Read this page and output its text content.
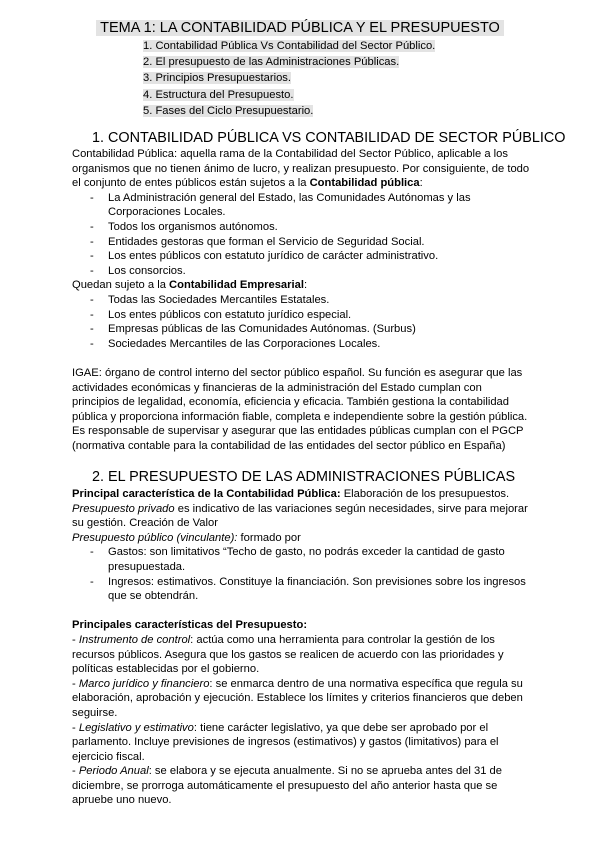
TEMA 1: LA CONTABILIDAD PÚBLICA Y EL PRESUPUESTO
1. Contabilidad Pública Vs Contabilidad del Sector Público.
2. El presupuesto de las Administraciones Públicas.
3. Principios Presupuestarios.
4. Estructura del Presupuesto.
5. Fases del Ciclo Presupuestario.
1. CONTABILIDAD PÚBLICA VS CONTABILIDAD DE SECTOR PÚBLICO

Contabilidad Pública: aquella rama de la Contabilidad del Sector Público, aplicable a los organismos que no tienen ánimo de lucro, y realizan presupuesto. Por consiguiente, de todo el conjunto de entes públicos están sujetos a la Contabilidad pública:

- La Administración general del Estado, las Comunidades Autónomas y las Corporaciones Locales.
- Todos los organismos autónomos.
- Entidades gestoras que forman el Servicio de Seguridad Social.
- Los entes públicos con estatuto jurídico de carácter administrativo.
- Los consorcios.

Quedan sujeto a la Contabilidad Empresarial:

- Todas las Sociedades Mercantiles Estatales.
- Los entes públicos con estatuto jurídico especial.
- Empresas públicas de las Comunidades Autónomas. (Surbus)
- Sociedades Mercantiles de las Corporaciones Locales.

IGAE: órgano de control interno del sector público español. Su función es asegurar que las actividades económicas y financieras de la administración del Estado cumplan con principios de legalidad, economía, eficiencia y eficacia. También gestiona la contabilidad pública y proporciona información fiable, completa e independiente sobre la gestión pública. Es responsable de supervisar y asegurar que las entidades públicas cumplan con el PGCP (normativa contable para la contabilidad de las entidades del sector público en España)

2. EL PRESUPUESTO DE LAS ADMINISTRACIONES PÚBLICAS

Principal característica de la Contabilidad Pública: Elaboración de los presupuestos.

Presupuesto privado es indicativo de las variaciones según necesidades, sirve para mejorar su gestión. Creación de Valor

Presupuesto público (vinculante): formado por

- Gastos: son limitativos “Techo de gasto, no podrás exceder la cantidad de gasto presupuestada.
- Ingresos: estimativos. Constituye la financiación. Son previsiones sobre los ingresos que se obtendrán.

Principales características del Presupuesto:

- Instrumento de control: actúa como una herramienta para controlar la gestión de los recursos públicos. Asegura que los gastos se realicen de acuerdo con las prioridades y políticas establecidas por el gobierno.

- Marco jurídico y financiero: se enmarca dentro de una normativa específica que regula su elaboración, aprobación y ejecución. Establece los límites y criterios financieros que deben seguirse.

- Legislativo y estimativo: tiene carácter legislativo, ya que debe ser aprobado por el parlamento. Incluye previsiones de ingresos (estimativos) y gastos (limitativos) para el ejercicio fiscal.

- Periodo Anual: se elabora y se ejecuta anualmente. Si no se aprueba antes del 31 de diciembre, se prorroga automáticamente el presupuesto del año anterior hasta que se apruebe uno nuevo.
